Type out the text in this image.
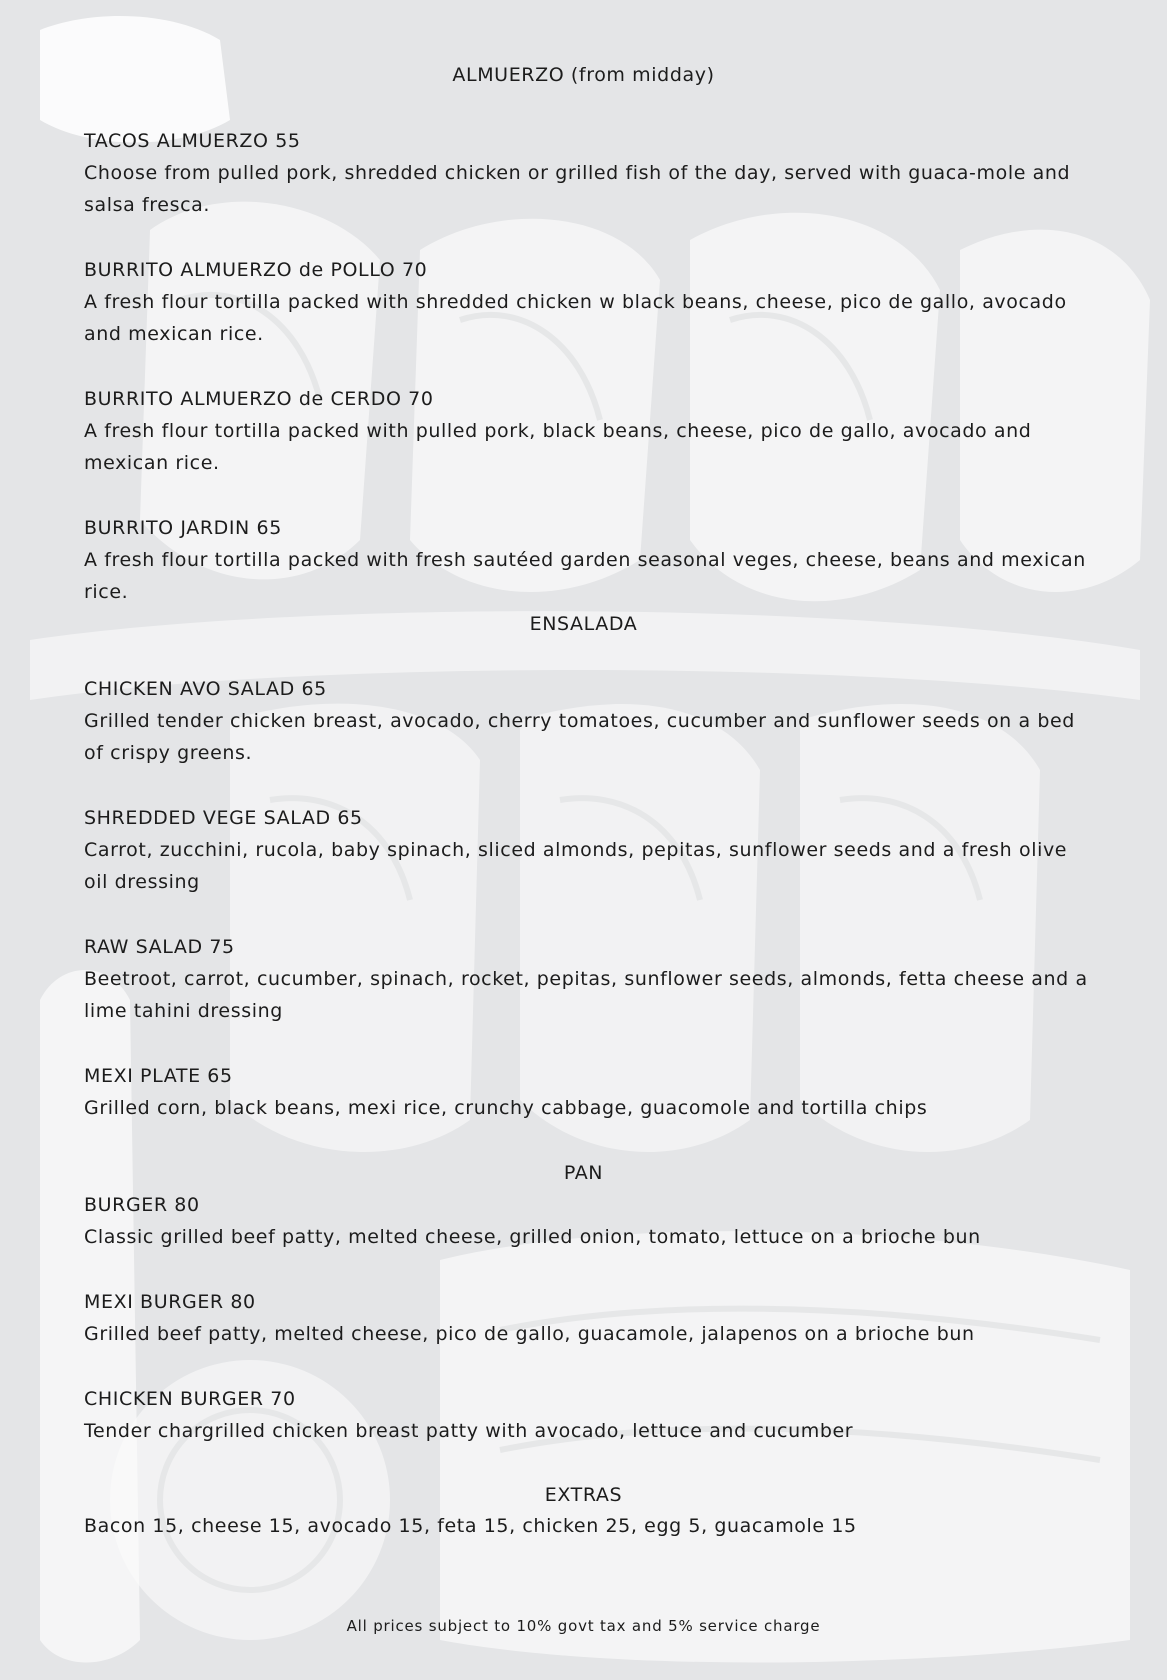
ALMUERZO (from midday)
TACOS ALMUERZO 55
Choose from pulled pork, shredded chicken or grilled fish of the day, served with guaca-mole and salsa fresca.
BURRITO ALMUERZO de POLLO 70
A fresh flour tortilla packed with shredded chicken w black beans, cheese, pico de gallo, avocado and mexican rice.
BURRITO ALMUERZO de CERDO 70
A fresh flour tortilla packed with pulled pork, black beans, cheese, pico de gallo, avocado and mexican rice.
BURRITO JARDIN 65
A fresh flour tortilla packed with fresh sautéed garden seasonal veges, cheese, beans and mexican rice.
ENSALADA
CHICKEN AVO SALAD 65
Grilled tender chicken breast, avocado, cherry tomatoes, cucumber and sunflower seeds on a bed of crispy greens.
SHREDDED VEGE SALAD 65
Carrot, zucchini, rucola, baby spinach, sliced almonds, pepitas, sunflower seeds and a fresh olive oil dressing
RAW SALAD 75
Beetroot, carrot, cucumber, spinach, rocket, pepitas, sunflower seeds, almonds, fetta cheese and a lime tahini dressing
MEXI PLATE 65
Grilled corn, black beans, mexi rice, crunchy cabbage, guacomole and tortilla chips
PAN
BURGER 80
Classic grilled beef patty, melted cheese, grilled onion, tomato, lettuce on a brioche bun
MEXI BURGER 80
Grilled beef patty, melted cheese, pico de gallo, guacamole, jalapenos on a brioche bun
CHICKEN BURGER 70
Tender chargrilled chicken breast patty with avocado, lettuce and cucumber
EXTRAS
Bacon 15, cheese 15, avocado 15, feta 15, chicken 25, egg 5, guacamole 15
All prices subject to 10% govt tax and 5% service charge
